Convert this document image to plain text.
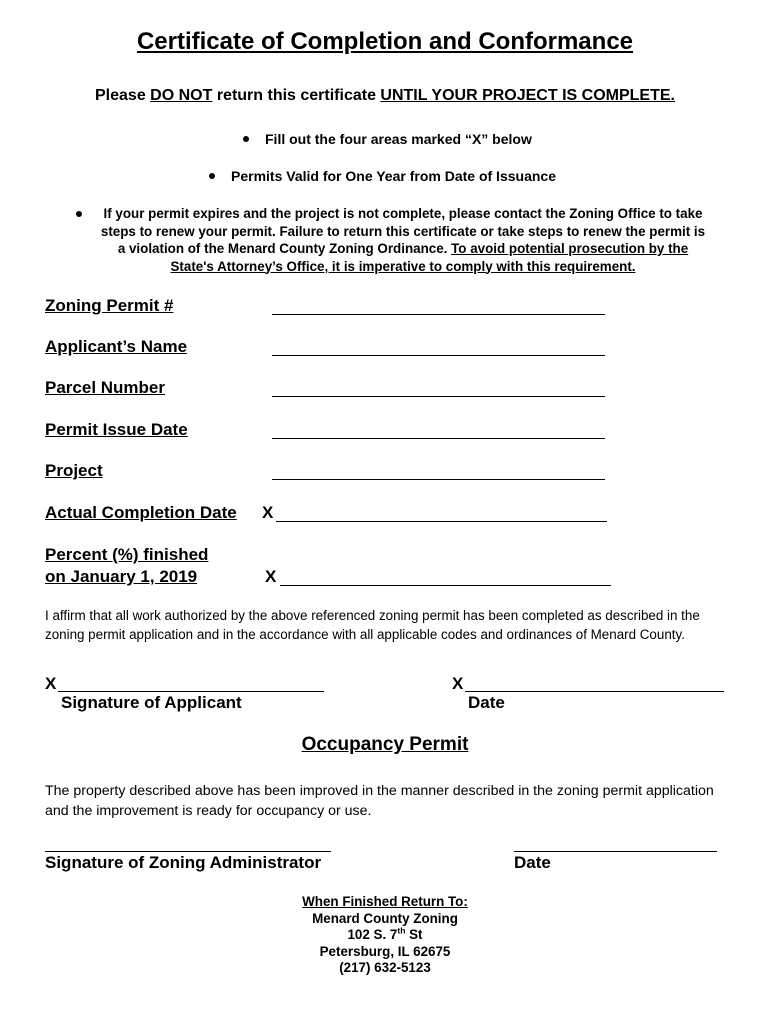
Certificate of Completion and Conformance
Please DO NOT return this certificate UNTIL YOUR PROJECT IS COMPLETE.
Fill out the four areas marked “X” below
Permits Valid for One Year from Date of Issuance

If your permit expires and the project is not complete, please contact the Zoning Office to take

steps to renew your permit. Failure to return this certificate or take steps to renew the permit is

a violation of the Menard County Zoning Ordinance. To avoid potential prosecution by the

State's Attorney’s Office, it is imperative to comply with this requirement.

Zoning Permit #
Applicant’s Name
Parcel Number
Permit Issue Date
Project
Actual Completion Date X
Percent (%) finished
on January 1, 2019	X
I affirm that all work authorized by the above referenced zoning permit has been completed as described in the zoning permit application and in the accordance with all applicable codes and ordinances of Menard County.
X
Signature of Applicant
X
Date
Occupancy Permit
The property described above has been improved in the manner described in the zoning permit application and the improvement is ready for occupancy or use.
Signature of Zoning Administrator	Date

When Finished Return To:

Menard County Zoning

102 S. 7th St

Petersburg, IL 62675

(217) 632-5123
